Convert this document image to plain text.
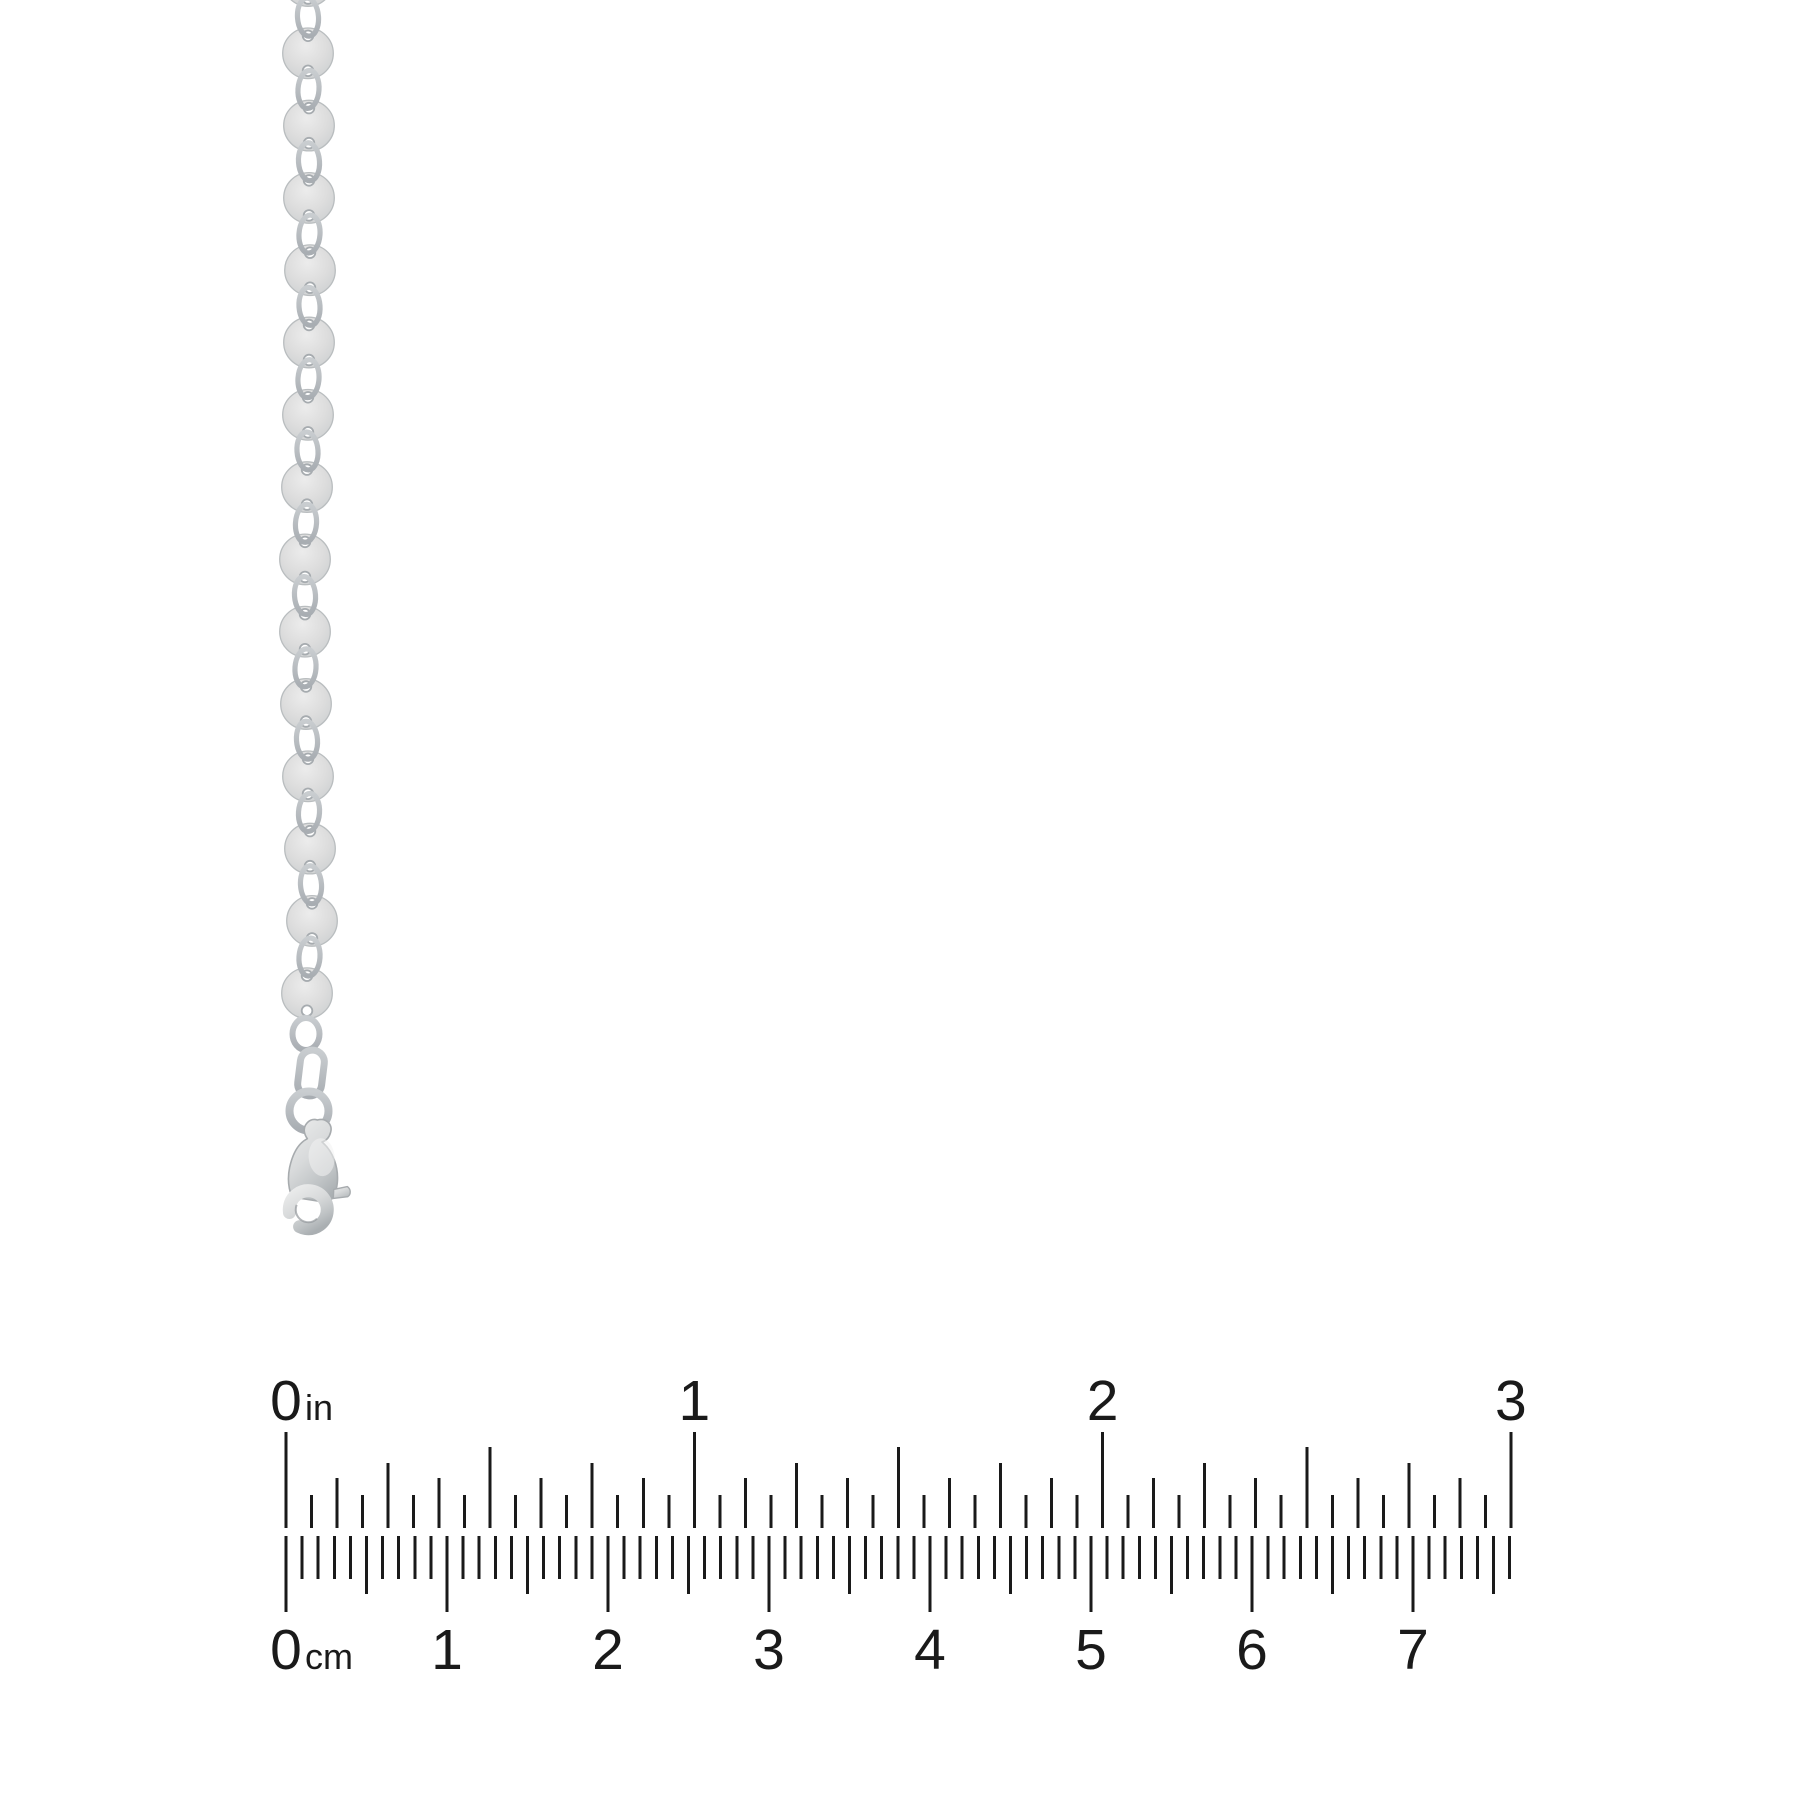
0	1	2	3
in
0 1 2 3 4 5 6 7
cm
